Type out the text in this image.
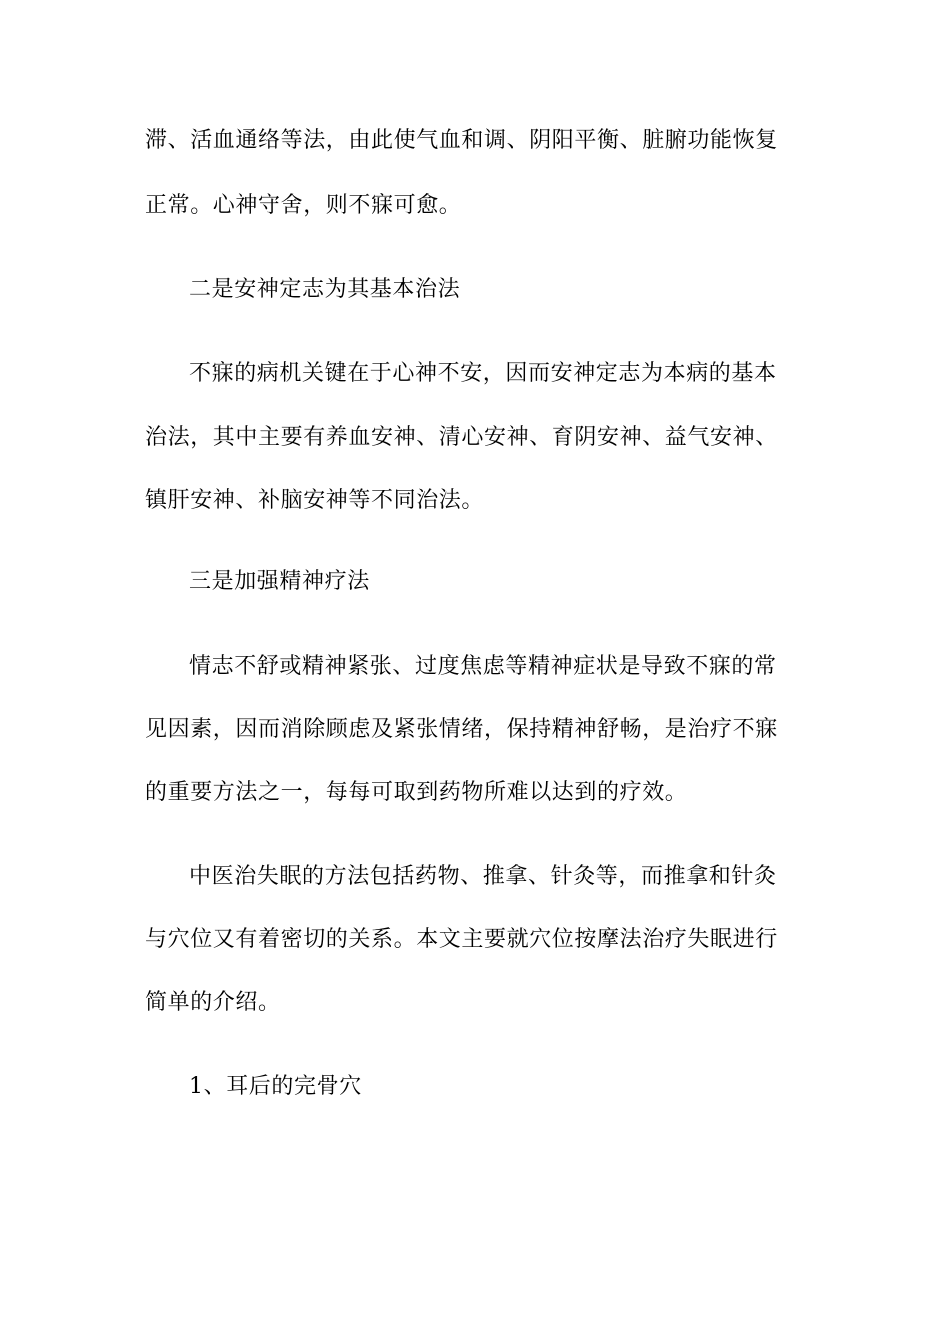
滞、活血通络等法，由此使气血和调、阴阳平衡、脏腑功能恢复

正常。心神守舍，则不寐可愈。

二是安神定志为其基本治法

不寐的病机关键在于心神不安，因而安神定志为本病的基本

治法，其中主要有养血安神、清心安神、育阴安神、益气安神、

镇肝安神、补脑安神等不同治法。

三是加强精神疗法

情志不舒或精神紧张、过度焦虑等精神症状是导致不寐的常

见因素，因而消除顾虑及紧张情绪，保持精神舒畅，是治疗不寐

的重要方法之一，每每可取到药物所难以达到的疗效。

中医治失眠的方法包括药物、推拿、针灸等，而推拿和针灸

与穴位又有着密切的关系。本文主要就穴位按摩法治疗失眠进行

简单的介绍。

1、耳后的完骨穴
